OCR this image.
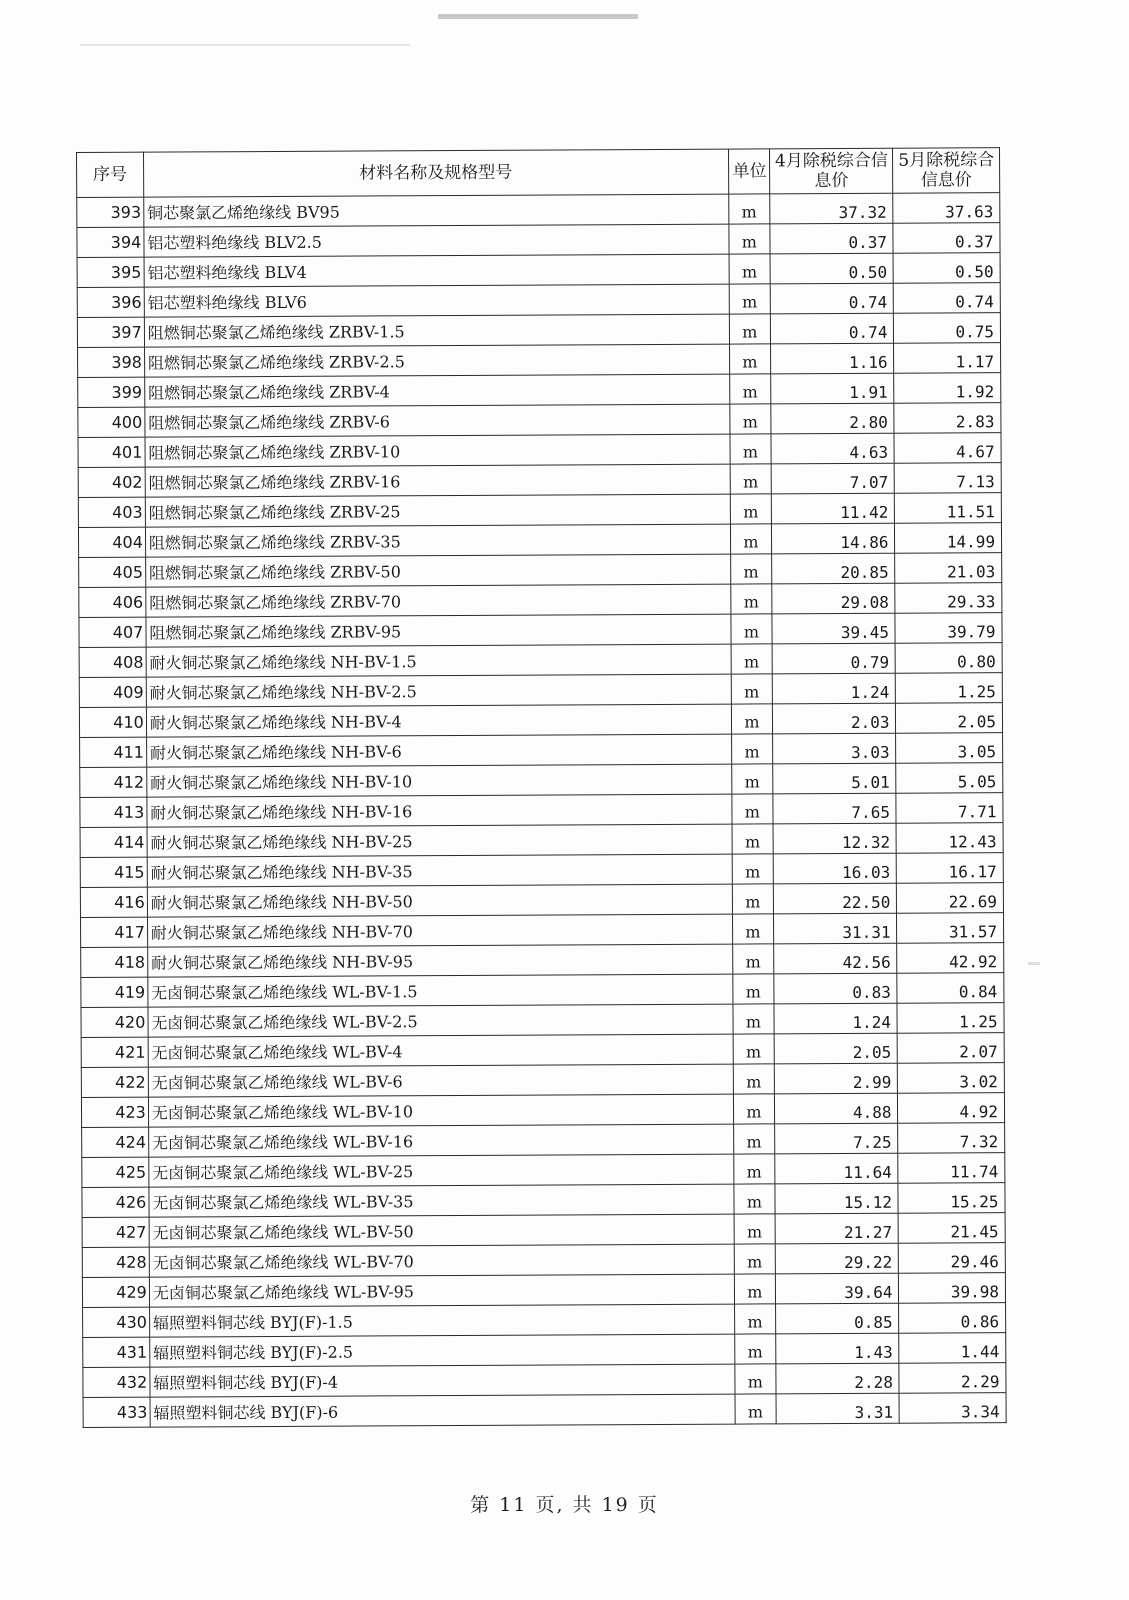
序号	材料名称及规格型号	单位	4月除税综合信息价	5月除税综合信息价
393	铜芯聚氯乙烯绝缘线 BV95	m	37.32	37.63
394	铝芯塑料绝缘线 BLV2.5	m	0.37	0.37
395	铝芯塑料绝缘线 BLV4	m	0.50	0.50
396	铝芯塑料绝缘线 BLV6	m	0.74	0.74
397	阻燃铜芯聚氯乙烯绝缘线 ZRBV-1.5	m	0.74	0.75
398	阻燃铜芯聚氯乙烯绝缘线 ZRBV-2.5	m	1.16	1.17
399	阻燃铜芯聚氯乙烯绝缘线 ZRBV-4	m	1.91	1.92
400	阻燃铜芯聚氯乙烯绝缘线 ZRBV-6	m	2.80	2.83
401	阻燃铜芯聚氯乙烯绝缘线 ZRBV-10	m	4.63	4.67
402	阻燃铜芯聚氯乙烯绝缘线 ZRBV-16	m	7.07	7.13
403	阻燃铜芯聚氯乙烯绝缘线 ZRBV-25	m	11.42	11.51
404	阻燃铜芯聚氯乙烯绝缘线 ZRBV-35	m	14.86	14.99
405	阻燃铜芯聚氯乙烯绝缘线 ZRBV-50	m	20.85	21.03
406	阻燃铜芯聚氯乙烯绝缘线 ZRBV-70	m	29.08	29.33
407	阻燃铜芯聚氯乙烯绝缘线 ZRBV-95	m	39.45	39.79
408	耐火铜芯聚氯乙烯绝缘线 NH-BV-1.5	m	0.79	0.80
409	耐火铜芯聚氯乙烯绝缘线 NH-BV-2.5	m	1.24	1.25
410	耐火铜芯聚氯乙烯绝缘线 NH-BV-4	m	2.03	2.05
411	耐火铜芯聚氯乙烯绝缘线 NH-BV-6	m	3.03	3.05
412	耐火铜芯聚氯乙烯绝缘线 NH-BV-10	m	5.01	5.05
413	耐火铜芯聚氯乙烯绝缘线 NH-BV-16	m	7.65	7.71
414	耐火铜芯聚氯乙烯绝缘线 NH-BV-25	m	12.32	12.43
415	耐火铜芯聚氯乙烯绝缘线 NH-BV-35	m	16.03	16.17
416	耐火铜芯聚氯乙烯绝缘线 NH-BV-50	m	22.50	22.69
417	耐火铜芯聚氯乙烯绝缘线 NH-BV-70	m	31.31	31.57
418	耐火铜芯聚氯乙烯绝缘线 NH-BV-95	m	42.56	42.92
419	无卤铜芯聚氯乙烯绝缘线 WL-BV-1.5	m	0.83	0.84
420	无卤铜芯聚氯乙烯绝缘线 WL-BV-2.5	m	1.24	1.25
421	无卤铜芯聚氯乙烯绝缘线 WL-BV-4	m	2.05	2.07
422	无卤铜芯聚氯乙烯绝缘线 WL-BV-6	m	2.99	3.02
423	无卤铜芯聚氯乙烯绝缘线 WL-BV-10	m	4.88	4.92
424	无卤铜芯聚氯乙烯绝缘线 WL-BV-16	m	7.25	7.32
425	无卤铜芯聚氯乙烯绝缘线 WL-BV-25	m	11.64	11.74
426	无卤铜芯聚氯乙烯绝缘线 WL-BV-35	m	15.12	15.25
427	无卤铜芯聚氯乙烯绝缘线 WL-BV-50	m	21.27	21.45
428	无卤铜芯聚氯乙烯绝缘线 WL-BV-70	m	29.22	29.46
429	无卤铜芯聚氯乙烯绝缘线 WL-BV-95	m	39.64	39.98
430	辐照塑料铜芯线 BYJ(F)-1.5	m	0.85	0.86
431	辐照塑料铜芯线 BYJ(F)-2.5	m	1.43	1.44
432	辐照塑料铜芯线 BYJ(F)-4	m	2.28	2.29
433	辐照塑料铜芯线 BYJ(F)-6	m	3.31	3.34
第 11 页, 共 19 页
